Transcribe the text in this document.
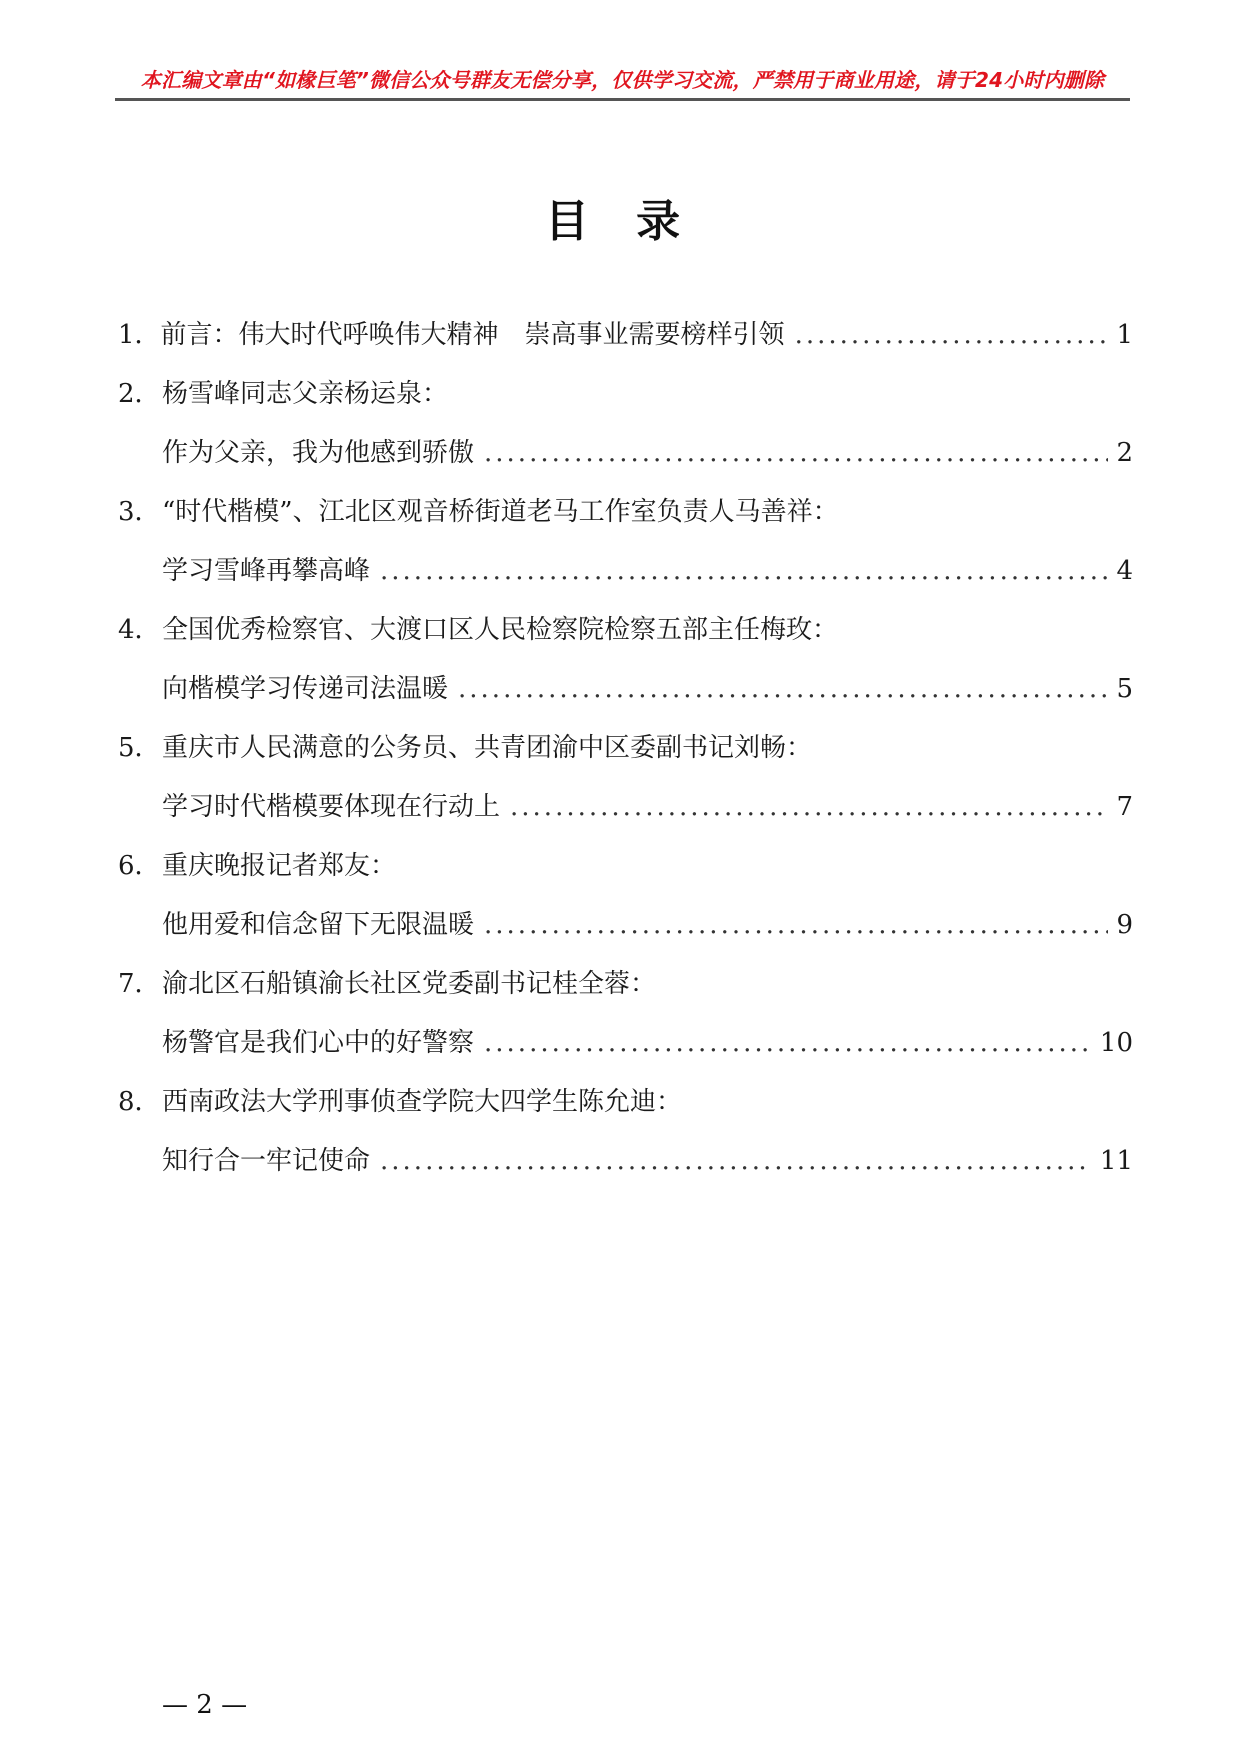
本汇编文章由“如椽巨笔”微信公众号群友无偿分享，仅供学习交流，严禁用于商业用途，请于24小时内删除
目 录
1． 前言：伟大时代呼唤伟大精神　崇高事业需要榜样引领 .....	1
2． 杨雪峰同志父亲杨运泉：
作为父亲，我为他感到骄傲 .....	2
3． “时代楷模”、江北区观音桥街道老马工作室负责人马善祥：
学习雪峰再攀高峰 .....	4
4． 全国优秀检察官、大渡口区人民检察院检察五部主任梅玫：
向楷模学习传递司法温暖 .....	5
5． 重庆市人民满意的公务员、共青团渝中区委副书记刘畅：
学习时代楷模要体现在行动上 .....	7
6． 重庆晚报记者郑友：
他用爱和信念留下无限温暖 .....	9
7． 渝北区石船镇渝长社区党委副书记桂全蓉：
杨警官是我们心中的好警察 .....	10
8． 西南政法大学刑事侦查学院大四学生陈允迪：
知行合一牢记使命 .....	11
— 2 —
